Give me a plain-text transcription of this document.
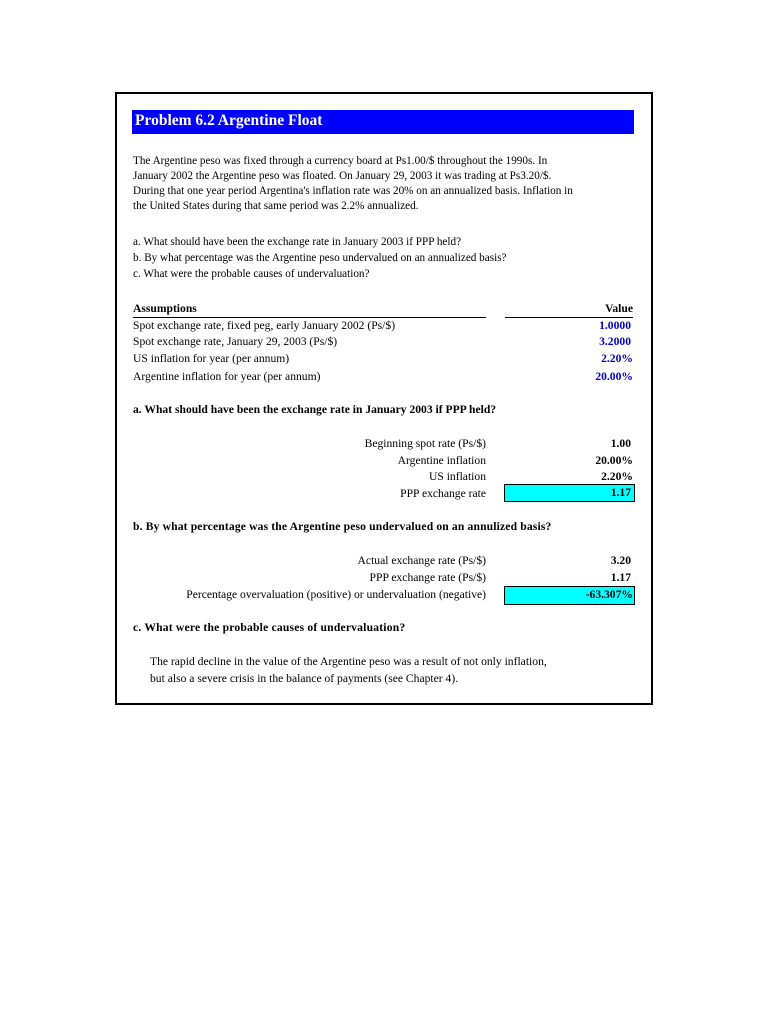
Problem 6.2 Argentine Float
The Argentine peso was fixed through a currency board at Ps1.00/$ throughout the 1990s. In
January 2002 the Argentine peso was floated. On January 29, 2003 it was trading at Ps3.20/$.
During that one year period Argentina's inflation rate was 20% on an annualized basis. Inflation in
the United States during that same period was 2.2% annualized.
a. What should have been the exchange rate in January 2003 if PPP held?
b. By what percentage was the Argentine peso undervalued on an annualized basis?
c. What were the probable causes of undervaluation?
Assumptions	Value
Spot exchange rate, fixed peg, early January 2002 (Ps/$)	1.0000
Spot exchange rate, January 29, 2003 (Ps/$)	3.2000
US inflation for year (per annum)	2.20%
Argentine inflation for year (per annum)	20.00%
a. What should have been the exchange rate in January 2003 if PPP held?
Beginning spot rate (Ps/$)	1.00
Argentine inflation	20.00%
US inflation	2.20%
PPP exchange rate	1.17
b. By what percentage was the Argentine peso undervalued on an annulized basis?
Actual exchange rate (Ps/$)	3.20
PPP exchange rate (Ps/$)	1.17
Percentage overvaluation (positive) or undervaluation (negative)	-63.307%
c. What were the probable causes of undervaluation?
The rapid decline in the value of the Argentine peso was a result of not only inflation,
but also a severe crisis in the balance of payments (see Chapter 4).
